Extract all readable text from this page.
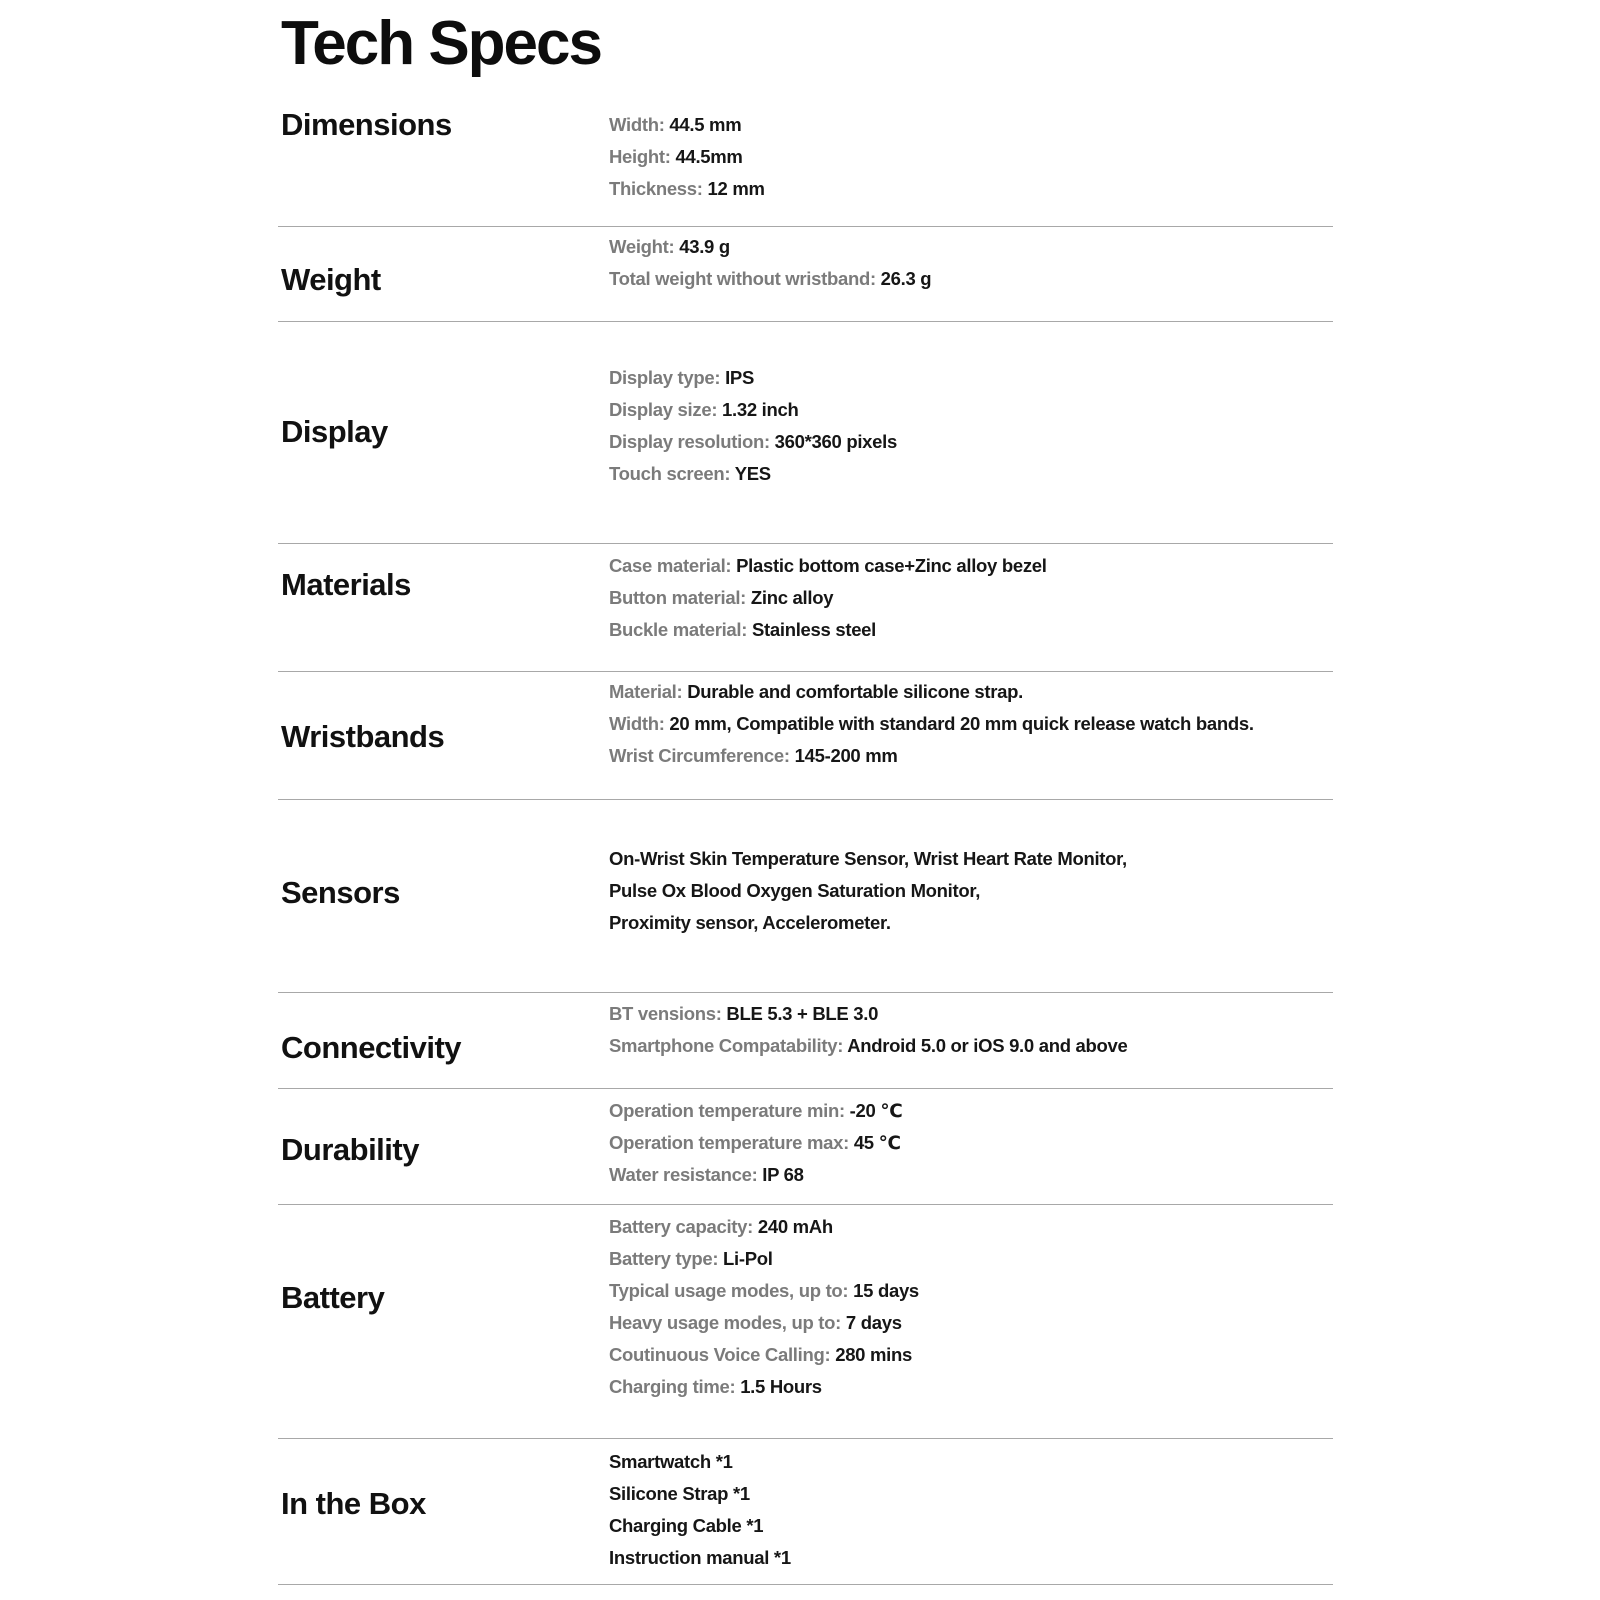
Tech Specs
Dimensions	Width: 44.5 mm
Height: 44.5mm
Thickness: 12 mm
Weight
Weight: 43.9 g
Total weight without wristband: 26.3 g
Display
Display type: IPS
Display size: 1.32 inch
Display resolution: 360*360 pixels
Touch screen: YES
Materials
Case material: Plastic bottom case+Zinc alloy bezel
Button material: Zinc alloy
Buckle material: Stainless steel
Wristbands
Material: Durable and comfortable silicone strap.
Width: 20 mm, Compatible with standard 20 mm quick release watch bands.
Wrist Circumference: 145-200 mm
Sensors
On-Wrist Skin Temperature Sensor, Wrist Heart Rate Monitor,
Pulse Ox Blood Oxygen Saturation Monitor,
Proximity sensor, Accelerometer.
Connectivity
BT vensions: BLE 5.3 + BLE 3.0
Smartphone Compatability: Android 5.0 or iOS 9.0 and above
Durability
Operation temperature min: -20 ℃
Operation temperature max: 45 ℃
Water resistance: IP 68
Battery
Battery capacity: 240 mAh
Battery type: Li-Pol
Typical usage modes, up to: 15 days
Heavy usage modes, up to: 7 days
Coutinuous Voice Calling: 280 mins
Charging time: 1.5 Hours
In the Box
Smartwatch *1
Silicone Strap *1
Charging Cable *1
Instruction manual *1
